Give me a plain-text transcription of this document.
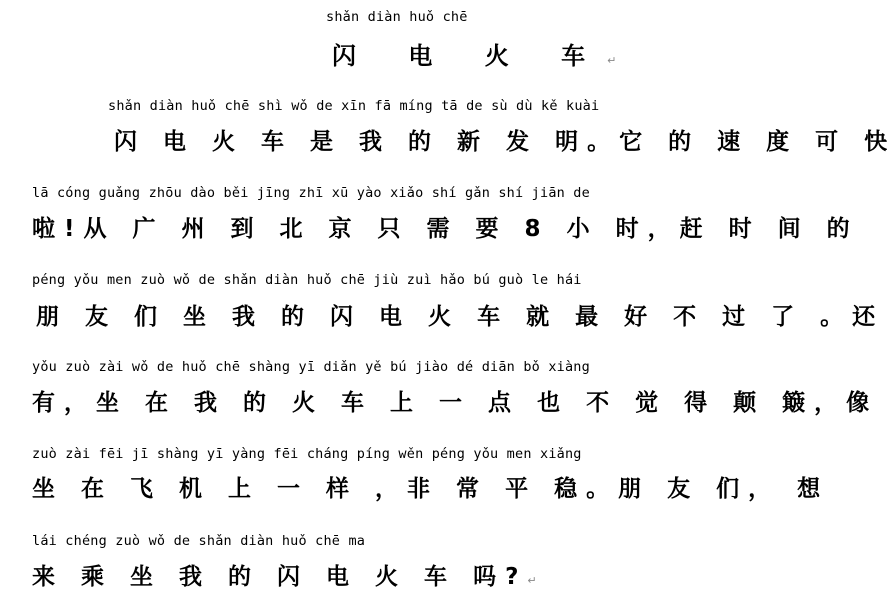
shǎn diàn huǒ chē
闪 电 火 车↵
shǎn diàn huǒ chē shì wǒ de xīn fā míng tā de sù dù kě kuài
闪 电 火 车 是 我 的 新 发 明。它 的 速 度 可 快
lā cóng guǎng zhōu dào běi jīng zhī xū yào xiǎo shí gǎn shí jiān de
啦!从 广 州 到 北 京 只 需 要 8 小 时，赶 时 间 的
péng yǒu men zuò wǒ de shǎn diàn huǒ chē jiù zuì hǎo bú guò le hái
朋 友 们 坐 我 的 闪 电 火 车 就 最 好 不 过 了 。还
yǒu zuò zài wǒ de huǒ chē shàng yī diǎn yě bú jiào dé diān bǒ xiàng
有，坐 在 我 的 火 车 上 一 点 也 不 觉 得 颠 簸，像
zuò zài fēi jī shàng yī yàng fēi cháng píng wěn péng yǒu men xiǎng
坐 在 飞 机 上 一 样 ，非 常 平 稳。朋 友 们， 想
lái chéng zuò wǒ de shǎn diàn huǒ chē ma
来 乘 坐 我 的 闪 电 火 车 吗?↵
